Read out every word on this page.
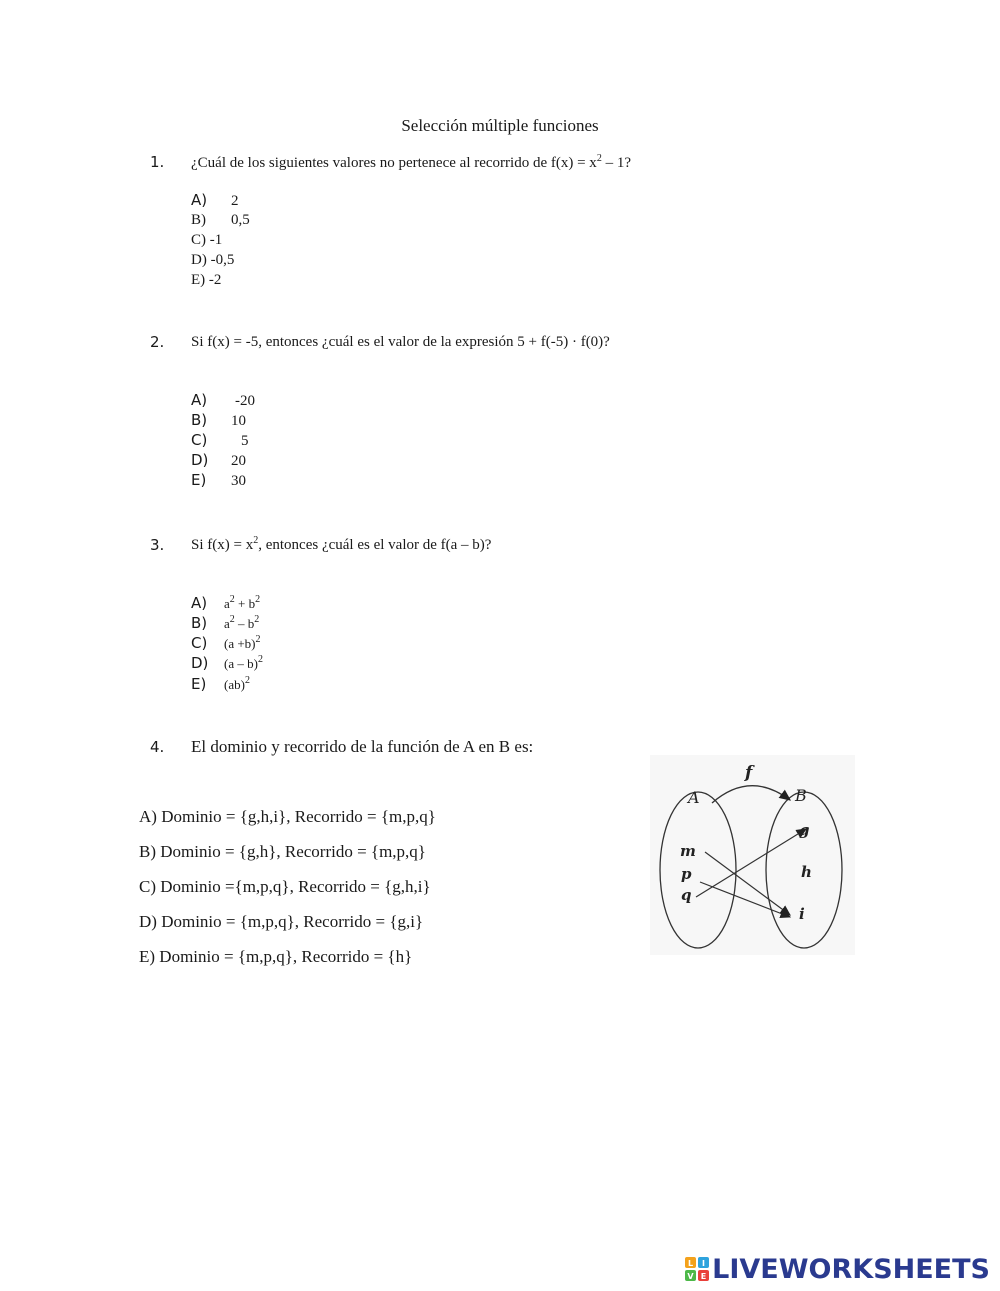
Selección múltiple funciones
1. ¿Cuál de los siguientes valores no pertenece al recorrido de $f(x) = x^2 - 1$?
A) 2
B) 0,5
C) -1
D) -0,5
E) -2
2. Si f(x) = -5, entonces ¿cuál es el valor de la expresión 5 + f(-5) · f(0)?
A) -20
B) 10
C) 5
D) 20
E) 30
3. Si $f(x) = x^2$, entonces ¿cuál es el valor de f(a – b)?
A) $a^2 + b^2$
B) $a^2 - b^2$
C) $(a +b)^2$
D) (a – b)$^2$
E) (ab)$^2$
4. El dominio y recorrido de la función de A en B es:
A) Dominio = {g,h,i}, Recorrido = {m,p,q}
B) Dominio = {g,h}, Recorrido = {m,p,q}
C) Dominio ={m,p,q}, Recorrido = {g,h,i}
D) Dominio = {m,p,q}, Recorrido = {g,i}
E) Dominio = {m,p,q}, Recorrido = {h}
f
A	B
m
p
q
g
h
i
L I
V E LIVEWORKSHEETS
